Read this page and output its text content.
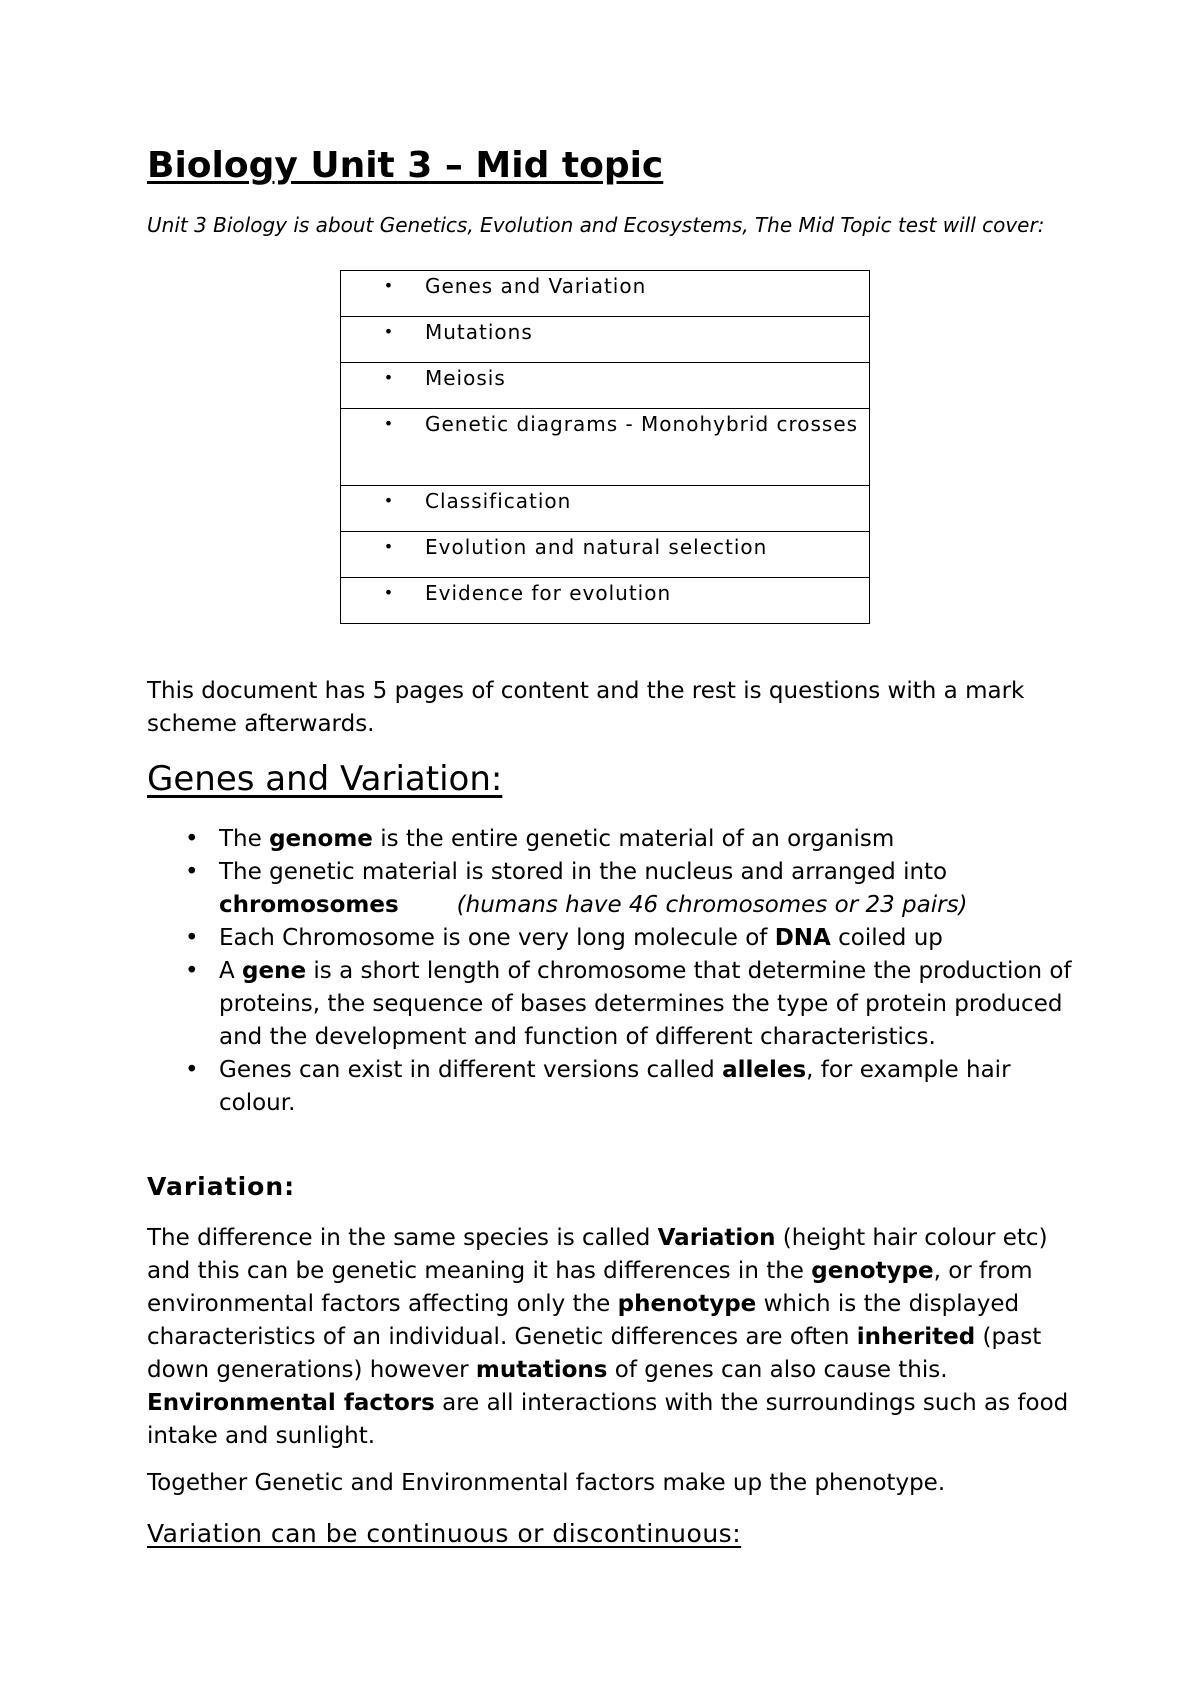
Biology Unit 3 – Mid topic

Unit 3 Biology is about Genetics, Evolution and Ecosystems, The Mid Topic test will cover:

•	Genes and Variation

•	Mutations

•	Meiosis

•	Genetic diagrams - Monohybrid crosses

•	Classification

•	Evolution and natural selection

•	Evidence for evolution

This document has 5 pages of content and the rest is questions with a mark scheme afterwards.

Genes and Variation:
• The genome is the entire genetic material of an organism
• The genetic material is stored in the nucleus and arranged into chromosomes	(humans have 46 chromosomes or 23 pairs)
• Each Chromosome is one very long molecule of DNA coiled up
• A gene is a short length of chromosome that determine the production of proteins, the sequence of bases determines the type of protein produced and the development and function of different characteristics.
• Genes can exist in different versions called alleles, for example hair colour.
Variation:

The difference in the same species is called Variation (height hair colour etc) and this can be genetic meaning it has differences in the genotype, or from environmental factors affecting only the phenotype which is the displayed characteristics of an individual. Genetic differences are often inherited (past down generations) however mutations of genes can also cause this. Environmental factors are all interactions with the surroundings such as food intake and sunlight.

Together Genetic and Environmental factors make up the phenotype.

Variation can be continuous or discontinuous:
